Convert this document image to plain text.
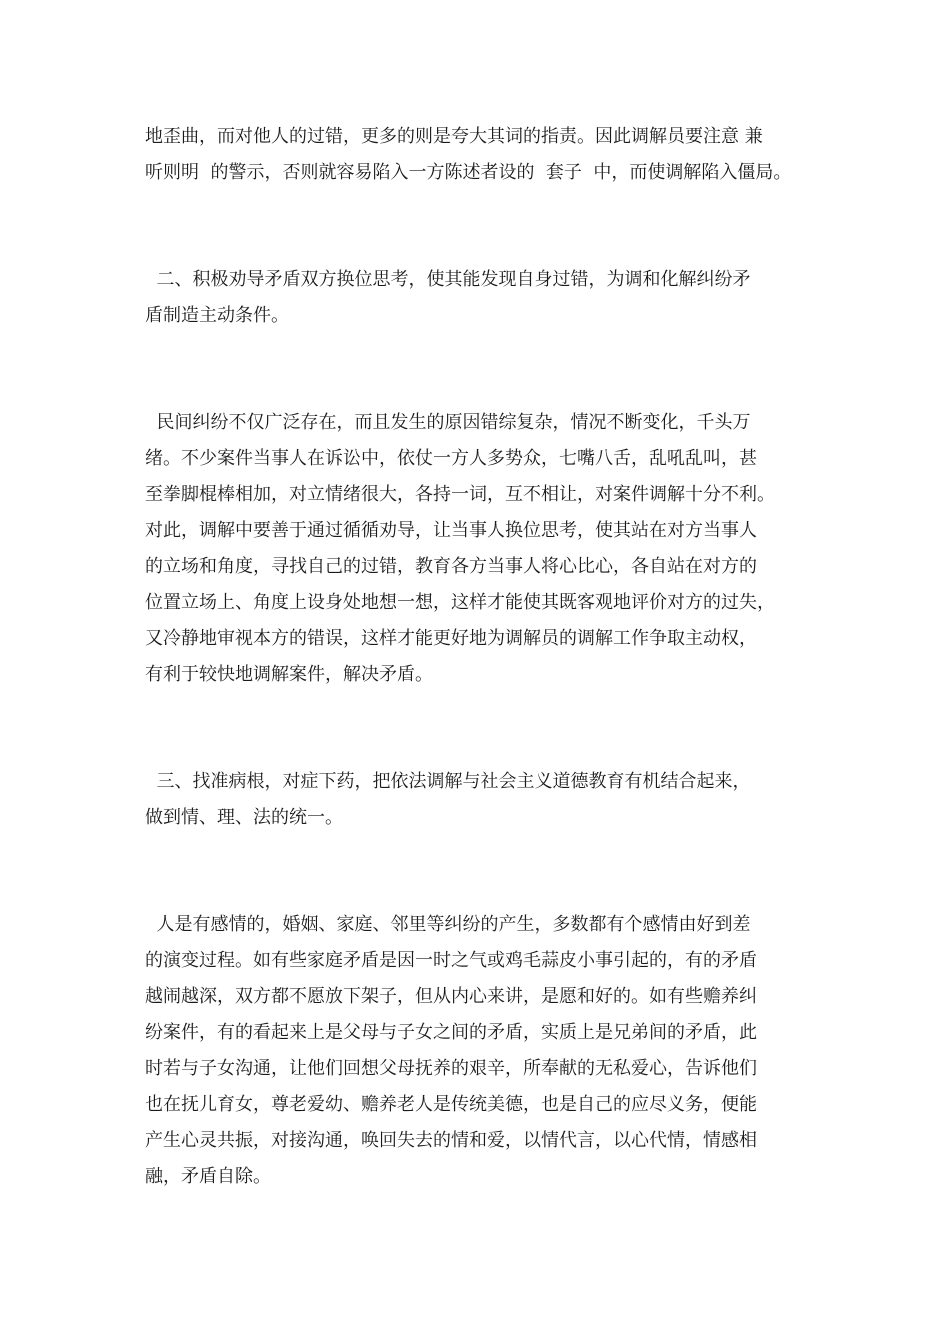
地歪曲，而对他人的过错，更多的则是夸大其词的指责。因此调解员要注意 兼
听则明  的警示，否则就容易陷入一方陈述者设的  套子  中，而使调解陷入僵局。
二、积极劝导矛盾双方换位思考，使其能发现自身过错，为调和化解纠纷矛
盾制造主动条件。
民间纠纷不仅广泛存在，而且发生的原因错综复杂，情况不断变化，千头万
绪。不少案件当事人在诉讼中，依仗一方人多势众，七嘴八舌，乱吼乱叫，甚
至拳脚棍棒相加，对立情绪很大，各持一词，互不相让，对案件调解十分不利。
对此，调解中要善于通过循循劝导，让当事人换位思考，使其站在对方当事人
的立场和角度，寻找自己的过错，教育各方当事人将心比心，各自站在对方的
位置立场上、角度上设身处地想一想，这样才能使其既客观地评价对方的过失，
又冷静地审视本方的错误，这样才能更好地为调解员的调解工作争取主动权，
有利于较快地调解案件，解决矛盾。
三、找准病根，对症下药，把依法调解与社会主义道德教育有机结合起来，
做到情、理、法的统一。
人是有感情的，婚姻、家庭、邻里等纠纷的产生，多数都有个感情由好到差
的演变过程。如有些家庭矛盾是因一时之气或鸡毛蒜皮小事引起的，有的矛盾
越闹越深，双方都不愿放下架子，但从内心来讲，是愿和好的。如有些赡养纠
纷案件，有的看起来上是父母与子女之间的矛盾，实质上是兄弟间的矛盾，此
时若与子女沟通，让他们回想父母抚养的艰辛，所奉献的无私爱心，告诉他们
也在抚儿育女，尊老爱幼、赡养老人是传统美德，也是自己的应尽义务，便能
产生心灵共振，对接沟通，唤回失去的情和爱，以情代言，以心代情，情感相
融，矛盾自除。
